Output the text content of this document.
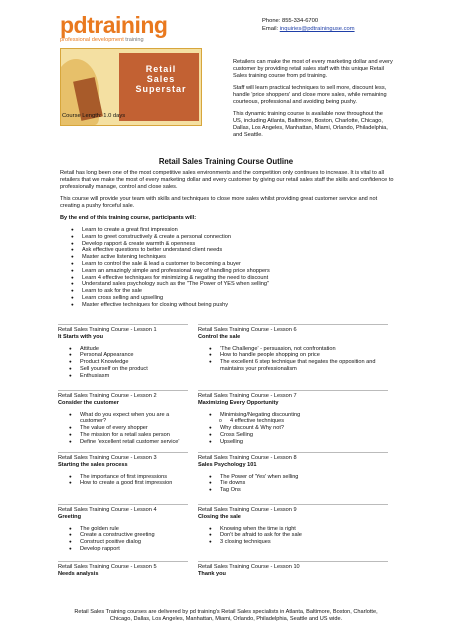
pdtraining
professional development training
Phone: 855-334-6700
Email: inquiries@pdtraininguse.com
Retail
Sales
Superstar
Course Length: 1.0 days

Retailers can make the most of every marketing dollar and every customer by providing retail sales staff with this unique Retail Sales training course from pd training.

Staff will learn practical techniques to sell more, discount less, handle 'price shoppers' and close more sales, while remaining courteous, professional and avoiding being pushy.

This dynamic training course is available now throughout the US, including Atlanta, Baltimore, Boston, Charlotte, Chicago, Dallas, Los Angeles, Manhattan, Miami, Orlando, Philadelphia, and Seattle.

Retail Sales Training Course Outline

Retail has long been one of the most competitive sales environments and the competition only continues to increase. It is vital to all retailers that we make the most of every marketing dollar and every customer by giving our retail sales staff the skills and confidence to professionally manage, control and close sales.

This course will provide your team with skills and techniques to close more sales whilst providing great customer service and not creating a pushy forceful sale.

By the end of this training course, participants will:

● Learn to create a great first impression
● Learn to greet constructively & create a personal connection
● Develop rapport & create warmth & openness
● Ask effective questions to better understand client needs
● Master active listening techniques
● Learn to control the sale & lead a customer to becoming a buyer
● Learn an amazingly simple and professional way of handling price shoppers
● Learn 4 effective techniques for minimizing & negating the need to discount
● Understand sales psychology such as the "The Power of YES when selling"
● Learn to ask for the sale
● Learn cross selling and upselling
● Master effective techniques for closing without being pushy
Retail Sales Training Course - Lesson 1
It Starts with you
● Attitude
● Personal Appearance
● Product Knowledge
● Sell yourself on the product
● Enthusiasm
Retail Sales Training Course - Lesson 2
Consider the customer
● What do you expect when you are a customer?
● The value of every shopper
● The mission for a retail sales person
● Define 'excellent retail customer service'
Retail Sales Training Course - Lesson 3
Starting the sales process
● The importance of first impressions
● How to create a good first impression
Retail Sales Training Course - Lesson 4
Greeting
● The golden rule
● Create a constructive greeting
● Construct positive dialog
● Develop rapport
Retail Sales Training Course - Lesson 5
Needs analysis
Retail Sales Training Course - Lesson 6
Control the sale
● 'The Challenge' - persuasion, not confrontation
● How to handle people shopping on price
● The excellent 6 step technique that negates the opposition and maintains your professionalism
Retail Sales Training Course - Lesson 7
Maximizing Every Opportunity
● Minimising/Negating discounting
o 4 effective techniques
● Why discount & Why not?
● Cross Selling
● Upselling
Retail Sales Training Course - Lesson 8
Sales Psychology 101
● The Power of 'Yes' when selling
● Tie downs
● Tag Ons
Retail Sales Training Course - Lesson 9
Closing the sale
● Knowing when the time is right
● Don't be afraid to ask for the sale
● 3 closing techniques
Retail Sales Training Course - Lesson 10
Thank you
Retail Sales Training courses are delivered by pd training's Retail Sales specialists in Atlanta, Baltimore, Boston, Charlotte,
Chicago, Dallas, Los Angeles, Manhattan, Miami, Orlando, Philadelphia, Seattle and US wide.
